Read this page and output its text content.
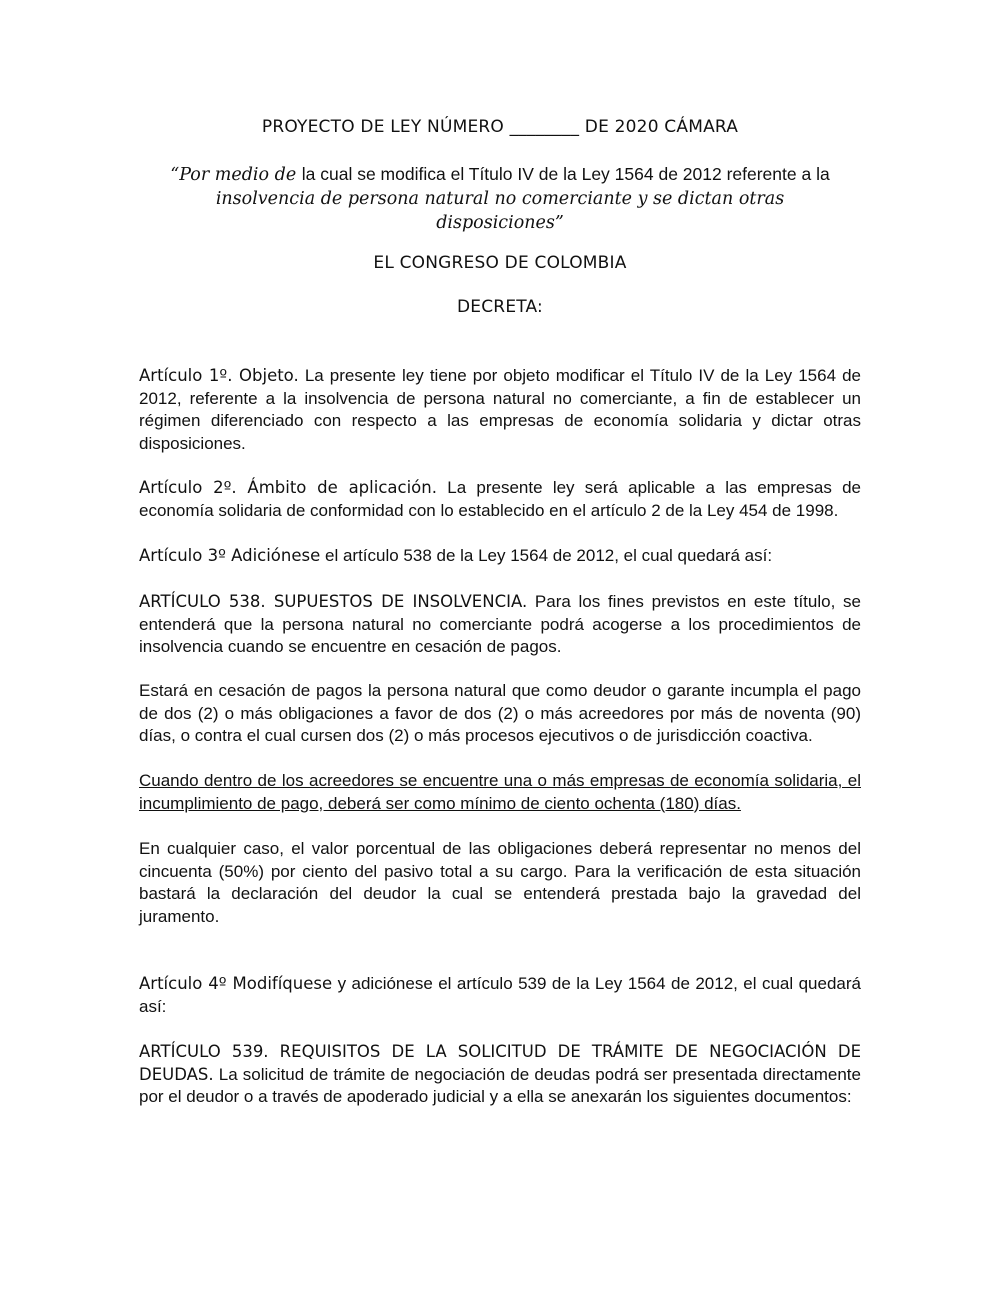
PROYECTO DE LEY NÚMERO ________ DE 2020 CÁMARA
“Por medio de la cual se modifica el Título IV de la Ley 1564 de 2012 referente a la insolvencia de persona natural no comerciante y se dictan otras disposiciones”
EL CONGRESO DE COLOMBIA
DECRETA:
Artículo 1º. Objeto. La presente ley tiene por objeto modificar el Título IV de la Ley 1564 de 2012, referente a la insolvencia de persona natural no comerciante, a fin de establecer un régimen diferenciado con respecto a las empresas de economía solidaria y dictar otras disposiciones.
Artículo 2º. Ámbito de aplicación. La presente ley será aplicable a las empresas de economía solidaria de conformidad con lo establecido en el artículo 2 de la Ley 454 de 1998.
Artículo 3º Adiciónese el artículo 538 de la Ley 1564 de 2012, el cual quedará así:
ARTÍCULO 538. SUPUESTOS DE INSOLVENCIA. Para los fines previstos en este título, se entenderá que la persona natural no comerciante podrá acogerse a los procedimientos de insolvencia cuando se encuentre en cesación de pagos.
Estará en cesación de pagos la persona natural que como deudor o garante incumpla el pago de dos (2) o más obligaciones a favor de dos (2) o más acreedores por más de noventa (90) días, o contra el cual cursen dos (2) o más procesos ejecutivos o de jurisdicción coactiva.
Cuando dentro de los acreedores se encuentre una o más empresas de economía solidaria, el incumplimiento de pago, deberá ser como mínimo de ciento ochenta (180) días.
En cualquier caso, el valor porcentual de las obligaciones deberá representar no menos del cincuenta (50%) por ciento del pasivo total a su cargo. Para la verificación de esta situación bastará la declaración del deudor la cual se entenderá prestada bajo la gravedad del juramento.
Artículo 4º Modifíquese y adiciónese el artículo 539 de la Ley 1564 de 2012, el cual quedará así:
ARTÍCULO 539. REQUISITOS DE LA SOLICITUD DE TRÁMITE DE NEGOCIACIÓN DE DEUDAS. La solicitud de trámite de negociación de deudas podrá ser presentada directamente por el deudor o a través de apoderado judicial y a ella se anexarán los siguientes documentos:
